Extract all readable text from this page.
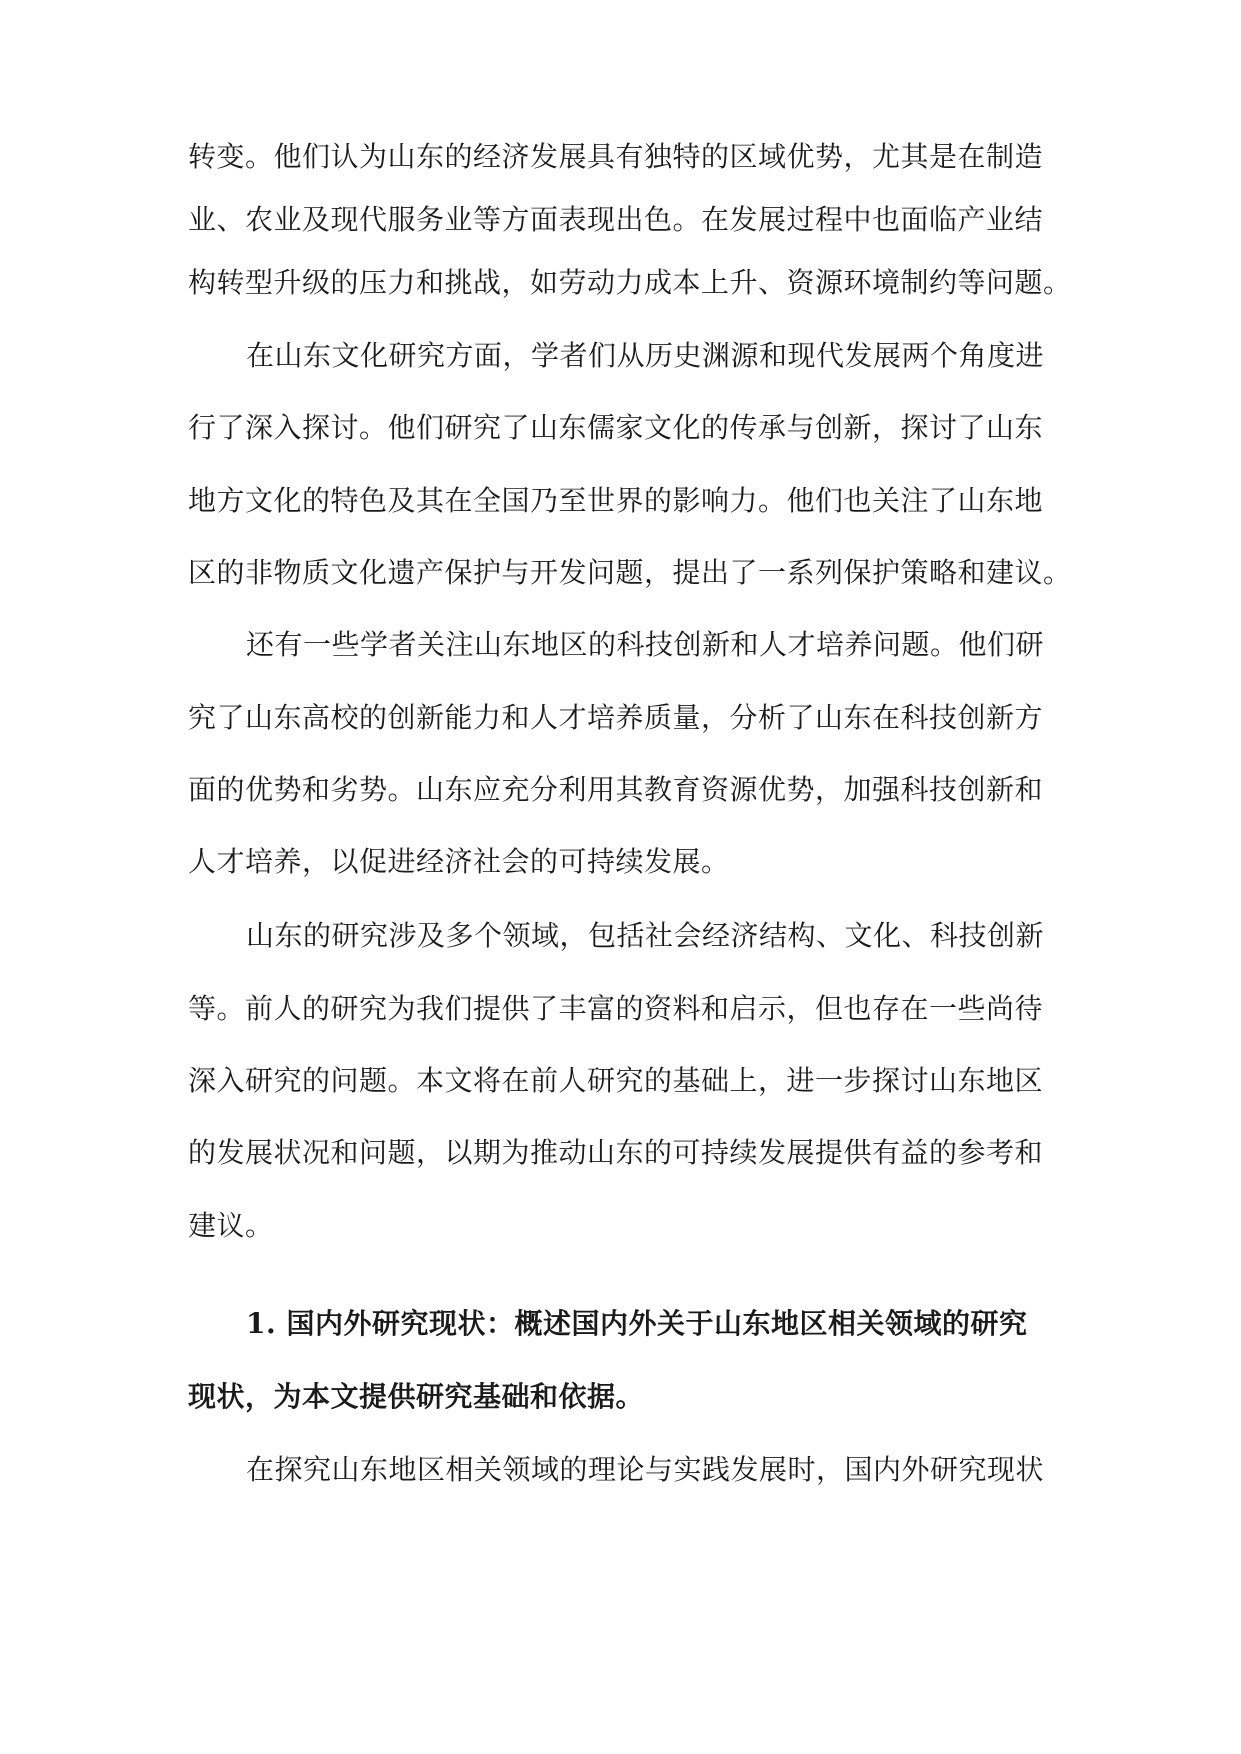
转变。他们认为山东的经济发展具有独特的区域优势，尤其是在制造
业、农业及现代服务业等方面表现出色。在发展过程中也面临产业结
构转型升级的压力和挑战，如劳动力成本上升、资源环境制约等问题。
在山东文化研究方面，学者们从历史渊源和现代发展两个角度进
行了深入探讨。他们研究了山东儒家文化的传承与创新，探讨了山东
地方文化的特色及其在全国乃至世界的影响力。他们也关注了山东地
区的非物质文化遗产保护与开发问题，提出了一系列保护策略和建议。
还有一些学者关注山东地区的科技创新和人才培养问题。他们研
究了山东高校的创新能力和人才培养质量，分析了山东在科技创新方
面的优势和劣势。山东应充分利用其教育资源优势，加强科技创新和
人才培养，以促进经济社会的可持续发展。
山东的研究涉及多个领域，包括社会经济结构、文化、科技创新
等。前人的研究为我们提供了丰富的资料和启示，但也存在一些尚待
深入研究的问题。本文将在前人研究的基础上，进一步探讨山东地区
的发展状况和问题，以期为推动山东的可持续发展提供有益的参考和
建议。
1. 国内外研究现状：概述国内外关于山东地区相关领域的研究
现状，为本文提供研究基础和依据。
在探究山东地区相关领域的理论与实践发展时，国内外研究现状
